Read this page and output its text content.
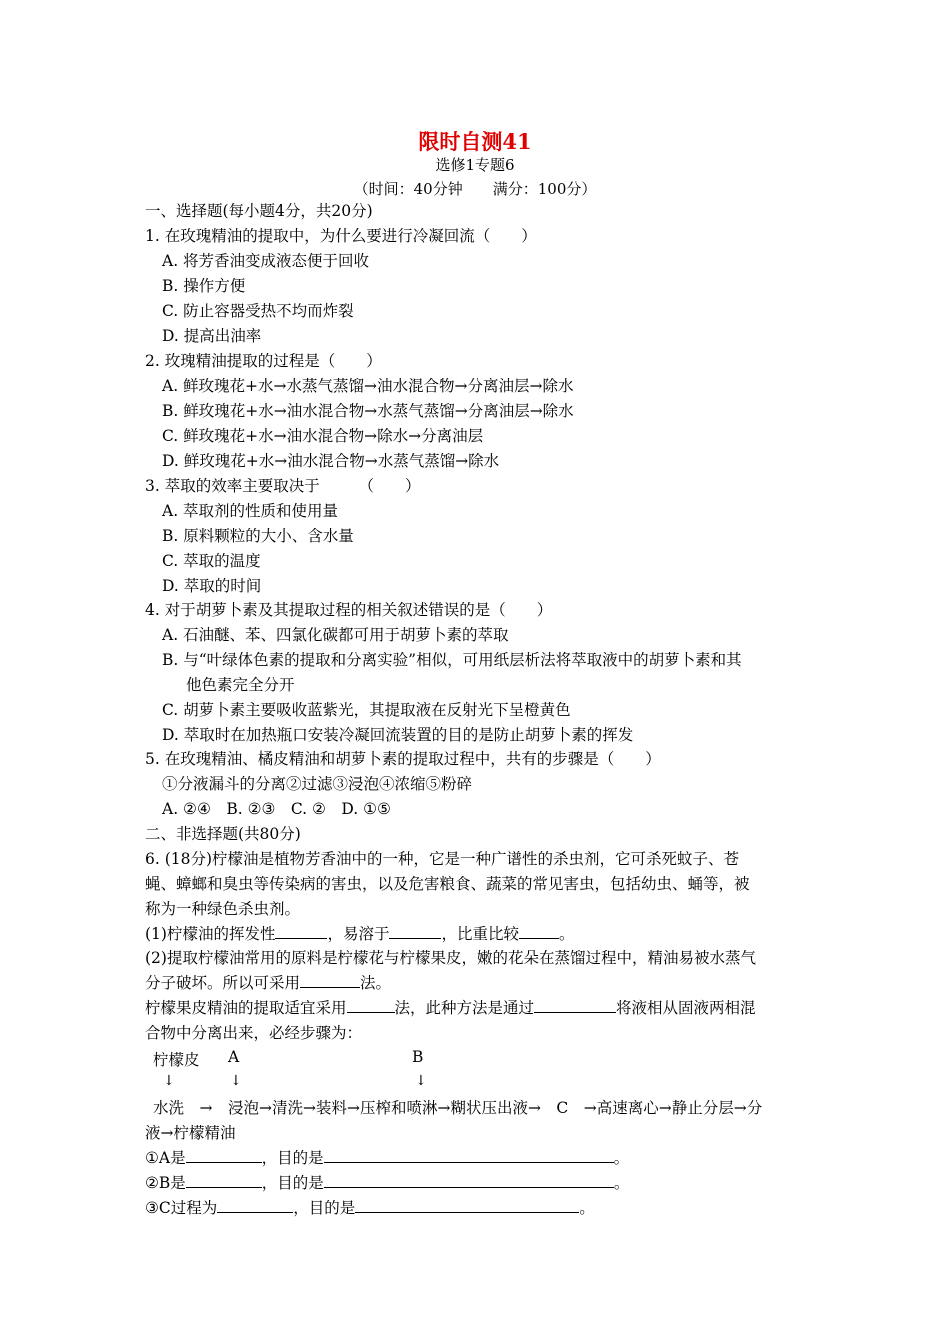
限时自测41
选修1专题6
（时间：40分钟　　满分：100分）
一、选择题(每小题4分，共20分)
1. 在玫瑰精油的提取中，为什么要进行冷凝回流（　　）
A. 将芳香油变成液态便于回收
B. 操作方便
C. 防止容器受热不均而炸裂
D. 提高出油率
2. 玫瑰精油提取的过程是（　　）
A. 鲜玫瑰花+水→水蒸气蒸馏→油水混合物→分离油层→除水
B. 鲜玫瑰花+水→油水混合物→水蒸气蒸馏→分离油层→除水
C. 鲜玫瑰花+水→油水混合物→除水→分离油层
D. 鲜玫瑰花+水→油水混合物→水蒸气蒸馏→除水
3. 萃取的效率主要取决于　　　（　　）
A. 萃取剂的性质和使用量
B. 原料颗粒的大小、含水量
C. 萃取的温度
D. 萃取的时间
4. 对于胡萝卜素及其提取过程的相关叙述错误的是（　　）
A. 石油醚、苯、四氯化碳都可用于胡萝卜素的萃取
B. 与“叶绿体色素的提取和分离实验”相似，可用纸层析法将萃取液中的胡萝卜素和其
他色素完全分开
C. 胡萝卜素主要吸收蓝紫光，其提取液在反射光下呈橙黄色
D. 萃取时在加热瓶口安装冷凝回流装置的目的是防止胡萝卜素的挥发
5. 在玫瑰精油、橘皮精油和胡萝卜素的提取过程中，共有的步骤是（　　）
①分液漏斗的分离②过滤③浸泡④浓缩⑤粉碎
A. ②④　B. ②③　C. ②　D. ①⑤
二、非选择题(共80分)
6. (18分)柠檬油是植物芳香油中的一种，它是一种广谱性的杀虫剂，它可杀死蚊子、苍
蝇、蟑螂和臭虫等传染病的害虫，以及危害粮食、蔬菜的常见害虫，包括幼虫、蛹等，被
称为一种绿色杀虫剂。
(1)柠檬油的挥发性	，易溶于	，比重比较	。
(2)提取柠檬油常用的原料是柠檬花与柠檬果皮，嫩的花朵在蒸馏过程中，精油易被水蒸气
分子破坏。所以可采用	法。
柠檬果皮精油的提取适宜采用	法，此种方法是通过	将液相从固液两相混
合物中分离出来，必经步骤为：
柠檬皮 A	B
↓	↓	↓
水洗　→　浸泡→清洗→装料→压榨和喷淋→糊状压出液→　C　→高速离心→静止分层→分
液→柠檬精油
①A是	，目的是	。
②B是	，目的是	。
③C过程为	，目的是	。
